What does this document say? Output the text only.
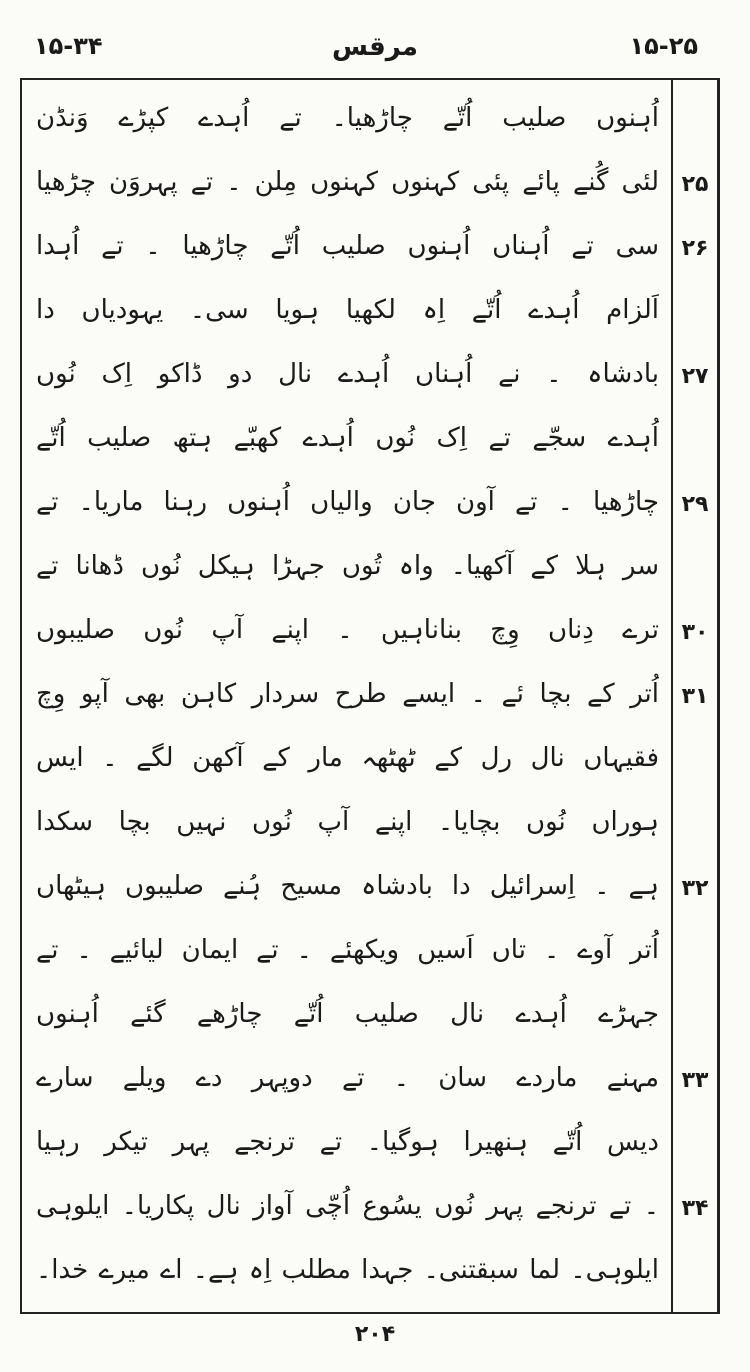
۱۵-۳۴	مرقس	۱۵-۲۵
اُہنوں صلیب اُتّے چاڑھیا۔ تے اُہدے کپڑے وَنڈن
لئی گُنے پائے پئی کہنوں کہنوں مِلن ۔ تے پہروَن چڑھیا
سی تے اُہناں اُہنوں صلیب اُتّے چاڑھیا ۔ تے اُہدا
اَلزام اُہدے اُتّے اِہ لکھیا ہویا سی۔ یہودیاں دا
بادشاہ ۔ نے اُہناں اُہدے نال دو ڈاکو اِک نُوں
اُہدے سجّے تے اِک نُوں اُہدے کھبّے ہتھ صلیب اُتّے
چاڑھیا ۔ تے آون جان والیاں اُہنوں رہنا ماریا۔ تے
سر ہلا کے آکھیا۔ واہ تُوں جہڑا ہیکل نُوں ڈھانا تے
ترے دِناں وِچ بناناہیں ۔ اپنے آپ نُوں صلیبوں
اُتر کے بچا ئے ۔ ایسے طرح سردار کاہن بھی آپو وِچ
فقیہاں نال رل کے ٹھٹھہ مار کے آکھن لگے ۔ ایس
ہوراں نُوں بچایا۔ اپنے آپ نُوں نہیں بچا سکدا
ہے ۔ اِسرائیل دا بادشاہ مسیح ہُنے صلیبوں ہیٹھاں
اُتر آوے ۔ تاں اَسیں ویکھئے ۔ تے ایمان لیائیے ۔ تے
جہڑے اُہدے نال صلیب اُتّے چاڑھے گئے اُہنوں
مہنے ماردے سان ۔ تے دوپہر دے ویلے سارے
دیس اُتّے ہنھیرا ہوگیا۔ تے ترنجے پہر تیکر رہیا
۔ تے ترنجے پہر نُوں یسُوع اُچّی آواز نال پکاریا۔ ایلوہی
ایلوہی۔ لما سبقتنی۔ جہدا مطلب اِہ ہے۔ اے میرے خدا۔
۲۵
۲۶
۲۷
۲۹
۳۰
۳۱
۳۲
۳۳
۳۴
۲۰۴
